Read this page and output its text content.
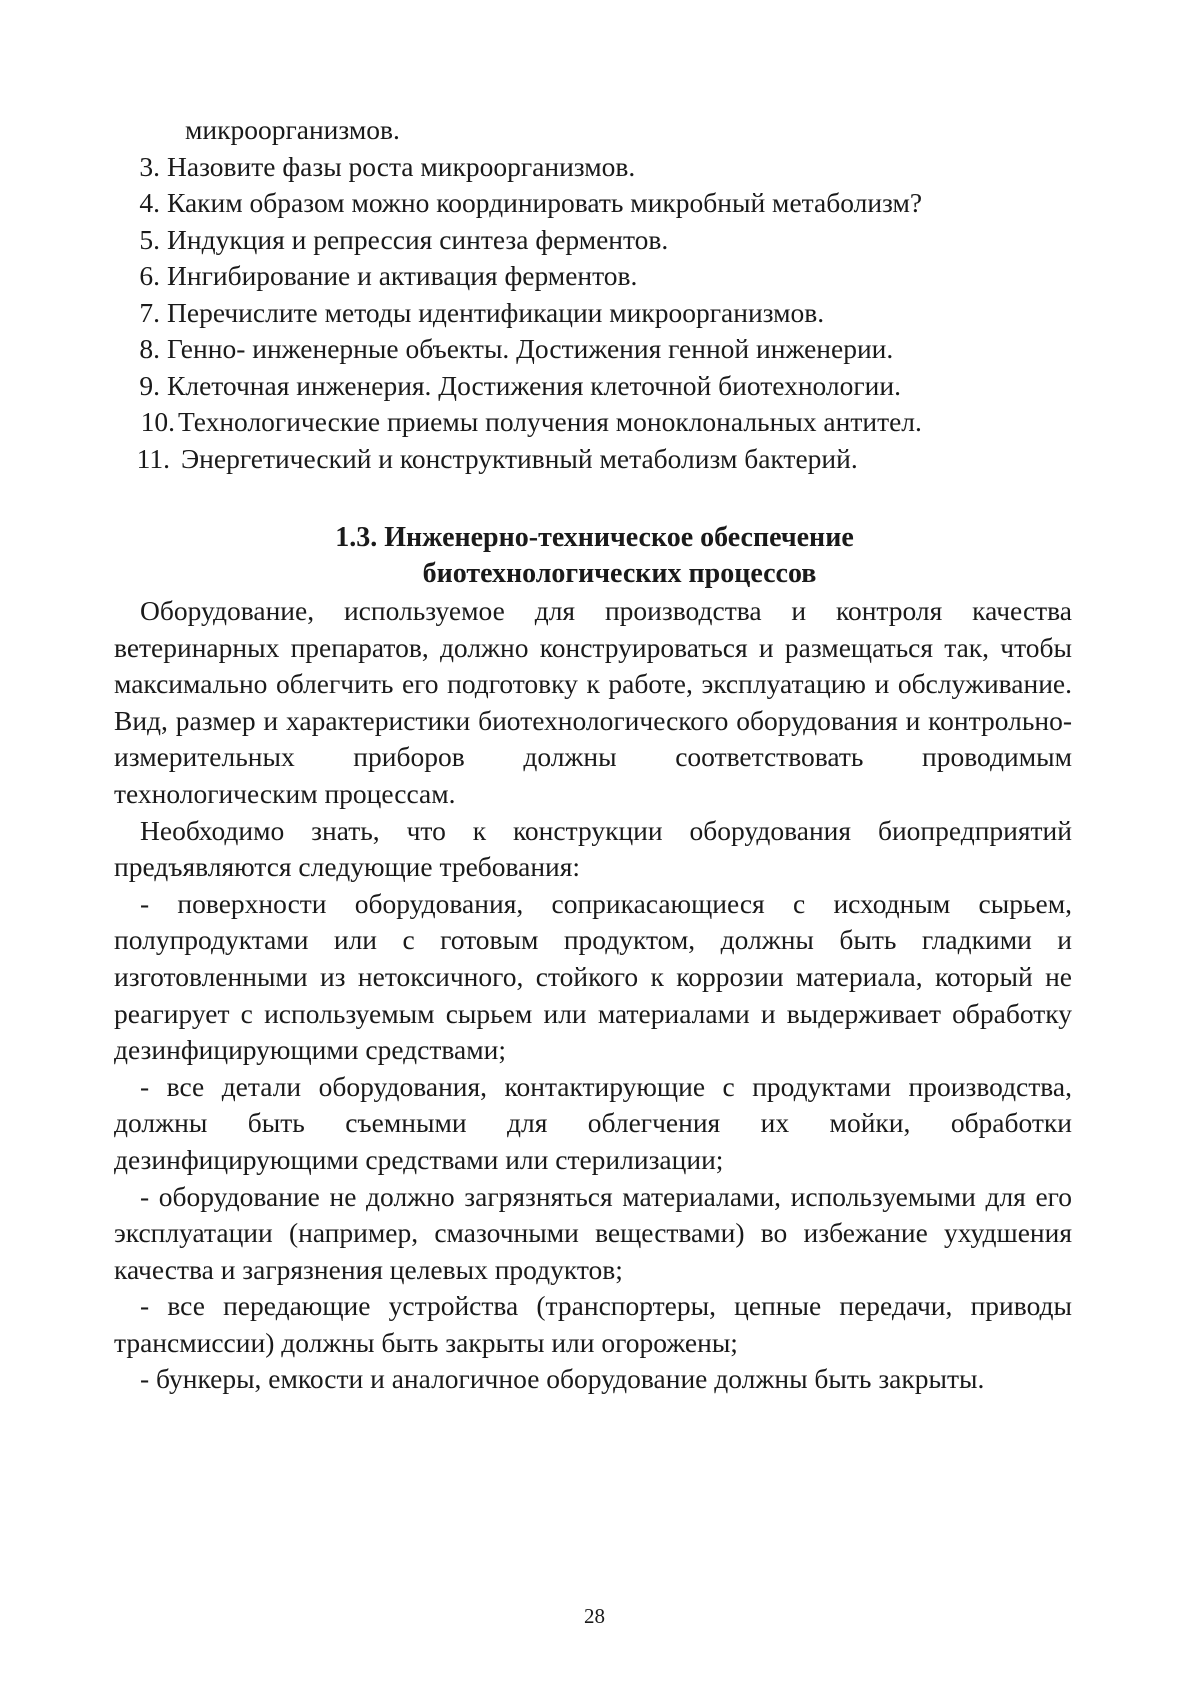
микроорганизмов.
3. Назовите фазы роста микроорганизмов.
4. Каким образом можно координировать микробный метаболизм?
5. Индукция и репрессия синтеза ферментов.
6. Ингибирование и активация ферментов.
7. Перечислите методы идентификации микроорганизмов.
8. Генно- инженерные объекты. Достижения генной инженерии.
9. Клеточная инженерия. Достижения клеточной биотехнологии.
10. Технологические приемы получения моноклональных антител.
11. Энергетический и конструктивный метаболизм бактерий.
1.3. Инженерно-техническое обеспечение
биотехнологических процессов

Оборудование, используемое для производства и контроля качества ветеринарных препаратов, должно конструироваться и размещаться так, чтобы максимально облегчить его подготовку к работе, эксплуатацию и обслуживание. Вид, размер и характеристики биотехнологического оборудования и контрольно-измерительных приборов должны соответствовать проводимым технологическим процессам.

Необходимо знать, что к конструкции оборудования биопредприятий предъявляются следующие требования:

- поверхности оборудования, соприкасающиеся с исходным сырьем, полупродуктами или с готовым продуктом, должны быть гладкими и изготовленными из нетоксичного, стойкого к коррозии материала, который не реагирует с используемым сырьем или материалами и выдерживает обработку дезинфицирующими средствами;

- все детали оборудования, контактирующие с продуктами производства, должны быть съемными для облегчения их мойки, обработки дезинфицирующими средствами или стерилизации;

- оборудование не должно загрязняться материалами, используемыми для его эксплуатации (например, смазочными веществами) во избежание ухудшения качества и загрязнения целевых продуктов;

- все передающие устройства (транспортеры, цепные передачи, приводы трансмиссии) должны быть закрыты или огорожены;

- бункеры, емкости и аналогичное оборудование должны быть закрыты.

28
